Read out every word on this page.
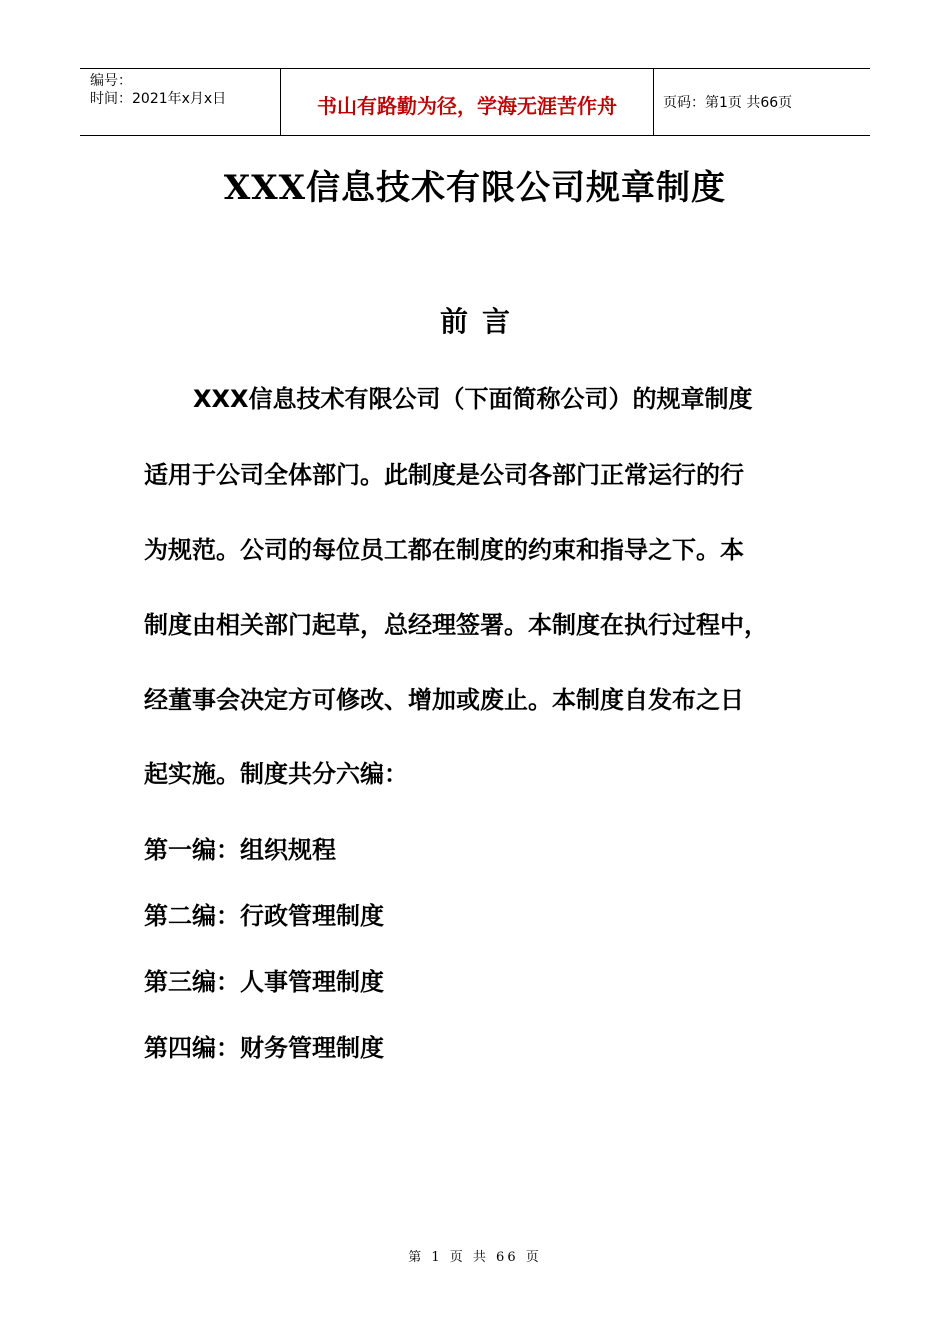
编号：
时间：2021年x月x日	书山有路勤为径，学海无涯苦作舟	页码：第1页 共66页
XXX信息技术有限公司规章制度
前言
XXX信息技术有限公司（下面简称公司）的规章制度
适用于公司全体部门。此制度是公司各部门正常运行的行
为规范。公司的每位员工都在制度的约束和指导之下。本
制度由相关部门起草，总经理签署。本制度在执行过程中，
经董事会决定方可修改、增加或废止。本制度自发布之日
起实施。制度共分六编：
第一编：组织规程
第二编：行政管理制度
第三编：人事管理制度
第四编：财务管理制度
第 1 页 共 66 页
